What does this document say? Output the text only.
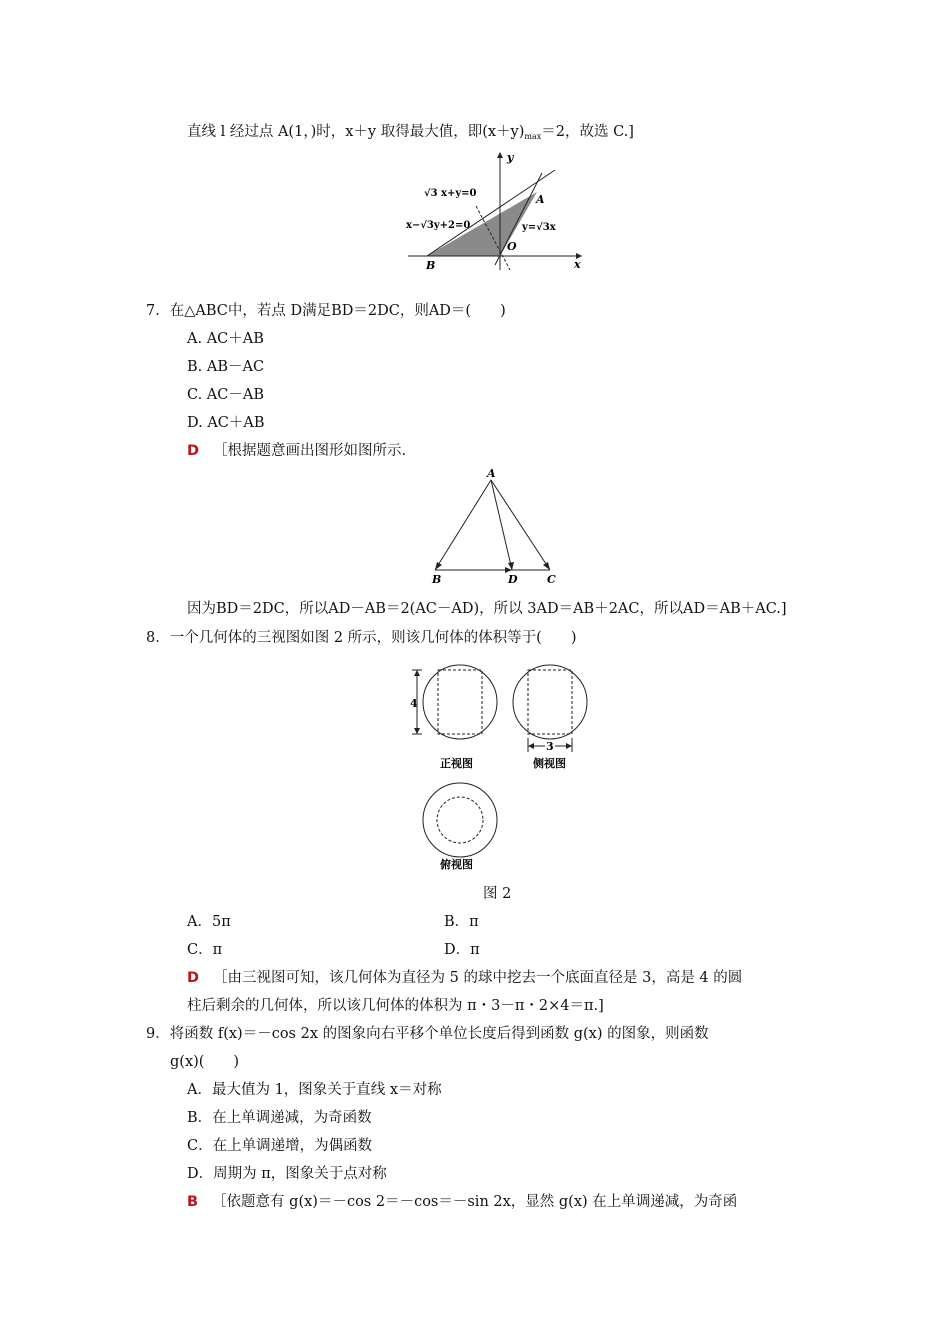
直线 l 经过点 A(1，)时，x＋y 取得最大值，即$(x+y)_{max}=2$，故选 C.]
y
x
√3 x+y=0
x−√3y+2=0	y=√3x
A
B
O
7．在△ABC中，若点 D满足BD＝2DC，则AD＝(　　)
A. AC＋AB
B. AB－AC
C. AC－AB
D. AC＋AB
D ［根据题意画出图形如图所示.
A
B	D	C
因为BD＝2DC，所以AD－AB＝2(AC－AD)，所以 3AD＝AB＋2AC，所以AD＝AB＋AC.]
8．一个几何体的三视图如图 2 所示，则该几何体的体积等于(　　)
4
正视图
3
侧视图
俯视图
图 2
A．5π	B．π
C．π	D．π
D ［由三视图可知，该几何体为直径为 5 的球中挖去一个底面直径是 3，高是 4 的圆
柱后剩余的几何体，所以该几何体的体积为 π・3－π・2×4＝π.]
9．将函数 f(x)＝－cos 2x 的图象向右平移个单位长度后得到函数 g(x) 的图象，则函数
g(x)(　　)
A．最大值为 1，图象关于直线 x＝对称
B．在上单调递减，为奇函数
C．在上单调递增，为偶函数
D．周期为 π，图象关于点对称
B ［依题意有 g(x)＝－cos 2＝－cos＝－sin 2x，显然 g(x) 在上单调递减，为奇函
